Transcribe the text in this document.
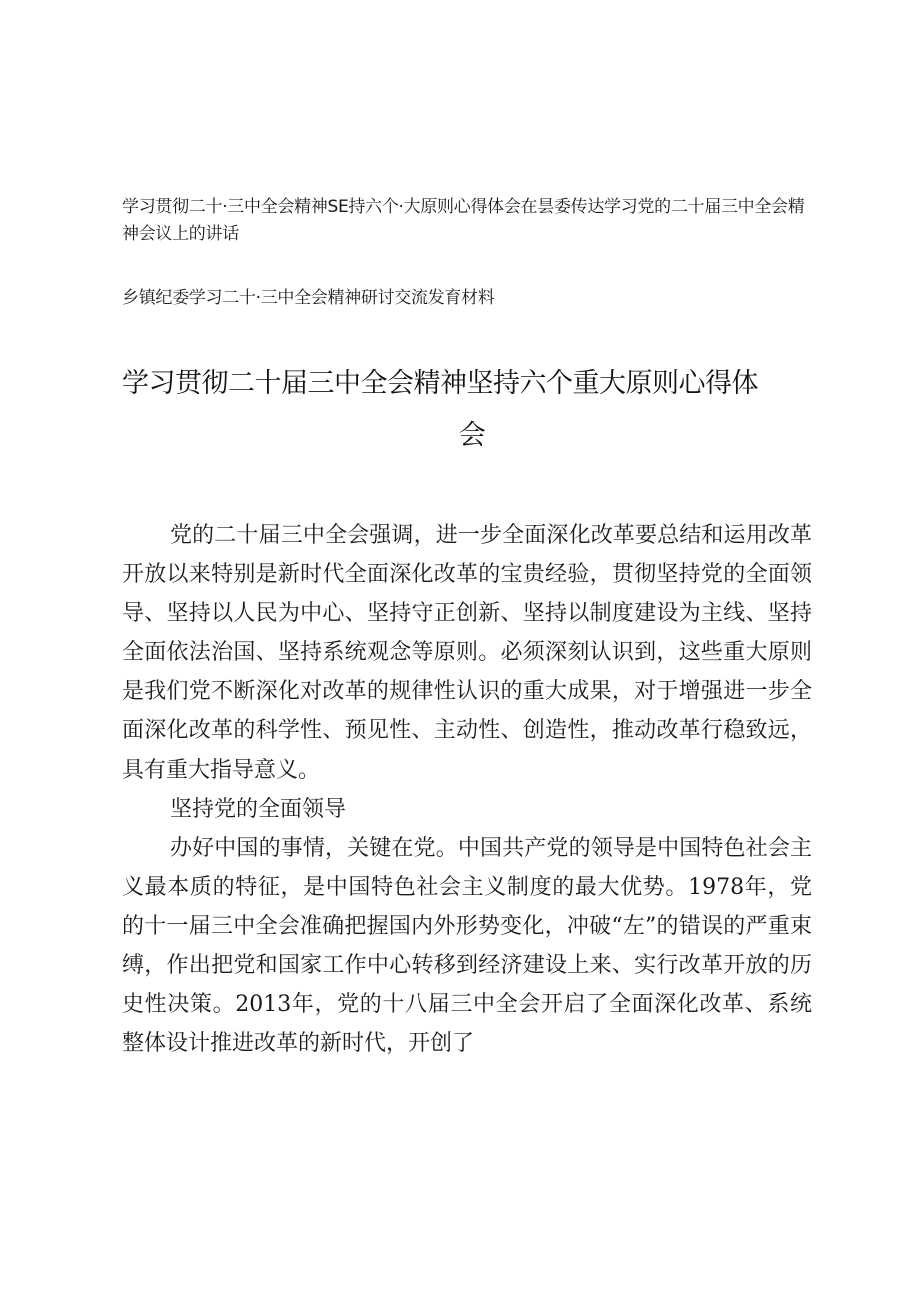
学习贯彻二十·三中全会精神SE持六个·大原则心得体会在昙委传达学习党的二十届三中全会精神会议上的讲话
乡镇纪委学习二十·三中全会精神研讨交流发育材料
学习贯彻二十届三中全会精神坚持六个重大原则心得体
会

党的二十届三中全会强调，进一步全面深化改革要总结和运用改革开放以来特别是新时代全面深化改革的宝贵经验，贯彻坚持党的全面领导、坚持以人民为中心、坚持守正创新、坚持以制度建设为主线、坚持全面依法治国、坚持系统观念等原则。必须深刻认识到，这些重大原则是我们党不断深化对改革的规律性认识的重大成果，对于增强进一步全面深化改革的科学性、预见性、主动性、创造性，推动改革行稳致远，具有重大指导意义。

坚持党的全面领导

办好中国的事情，关键在党。中国共产党的领导是中国特色社会主义最本质的特征，是中国特色社会主义制度的最大优势。1978年，党的十一届三中全会准确把握国内外形势变化，冲破“左”的错误的严重束缚，作出把党和国家工作中心转移到经济建设上来、实行改革开放的历史性决策。2013年，党的十八届三中全会开启了全面深化改革、系统整体设计推进改革的新时代，开创了
